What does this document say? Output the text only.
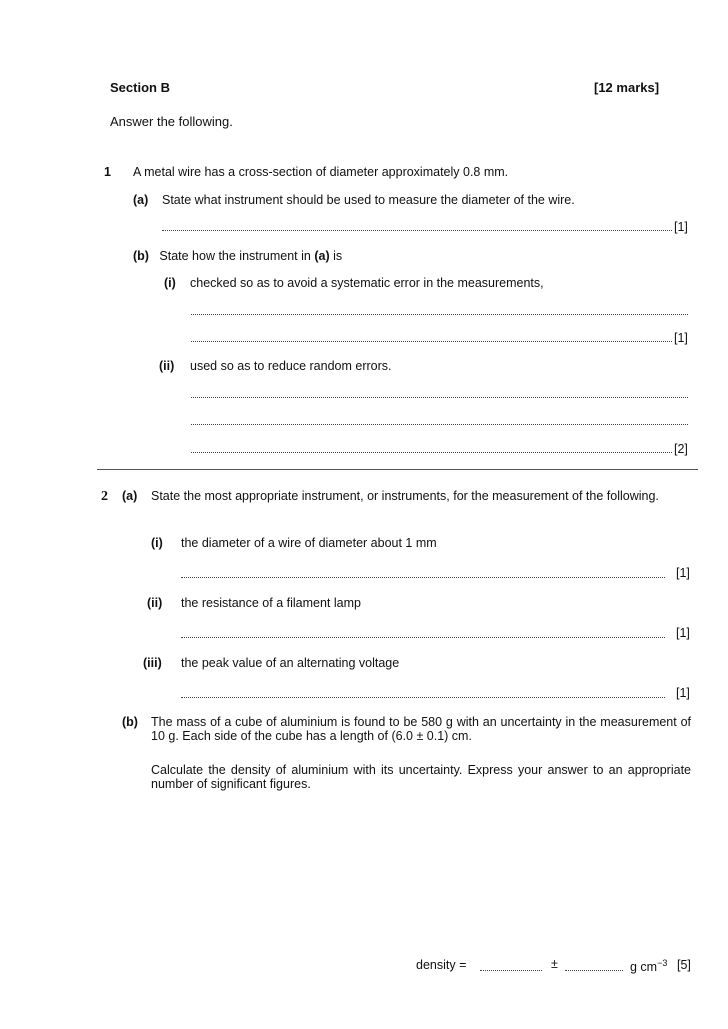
Section B	[12 marks]
Answer the following.
1 A metal wire has a cross-section of diameter approximately 0.8 mm.
(a) State what instrument should be used to measure the diameter of the wire.
[1]
(b) State how the instrument in (a) is
(i) checked so as to avoid a systematic error in the measurements,
[1]
(ii) used so as to reduce random errors.
[2]
2 (a) State the most appropriate instrument, or instruments, for the measurement of the following.
(i) the diameter of a wire of diameter about 1 mm
[1]
(ii) the resistance of a filament lamp
[1]
(iii) the peak value of an alternating voltage
[1]
(b) The mass of a cube of aluminium is found to be 580 g with an uncertainty in the measurement of 10 g. Each side of the cube has a length of (6.0 ± 0.1) cm.
Calculate the density of aluminium with its uncertainty. Express your answer to an appropriate number of significant figures.
density =	±	g $cm^{-3}$ [5]
